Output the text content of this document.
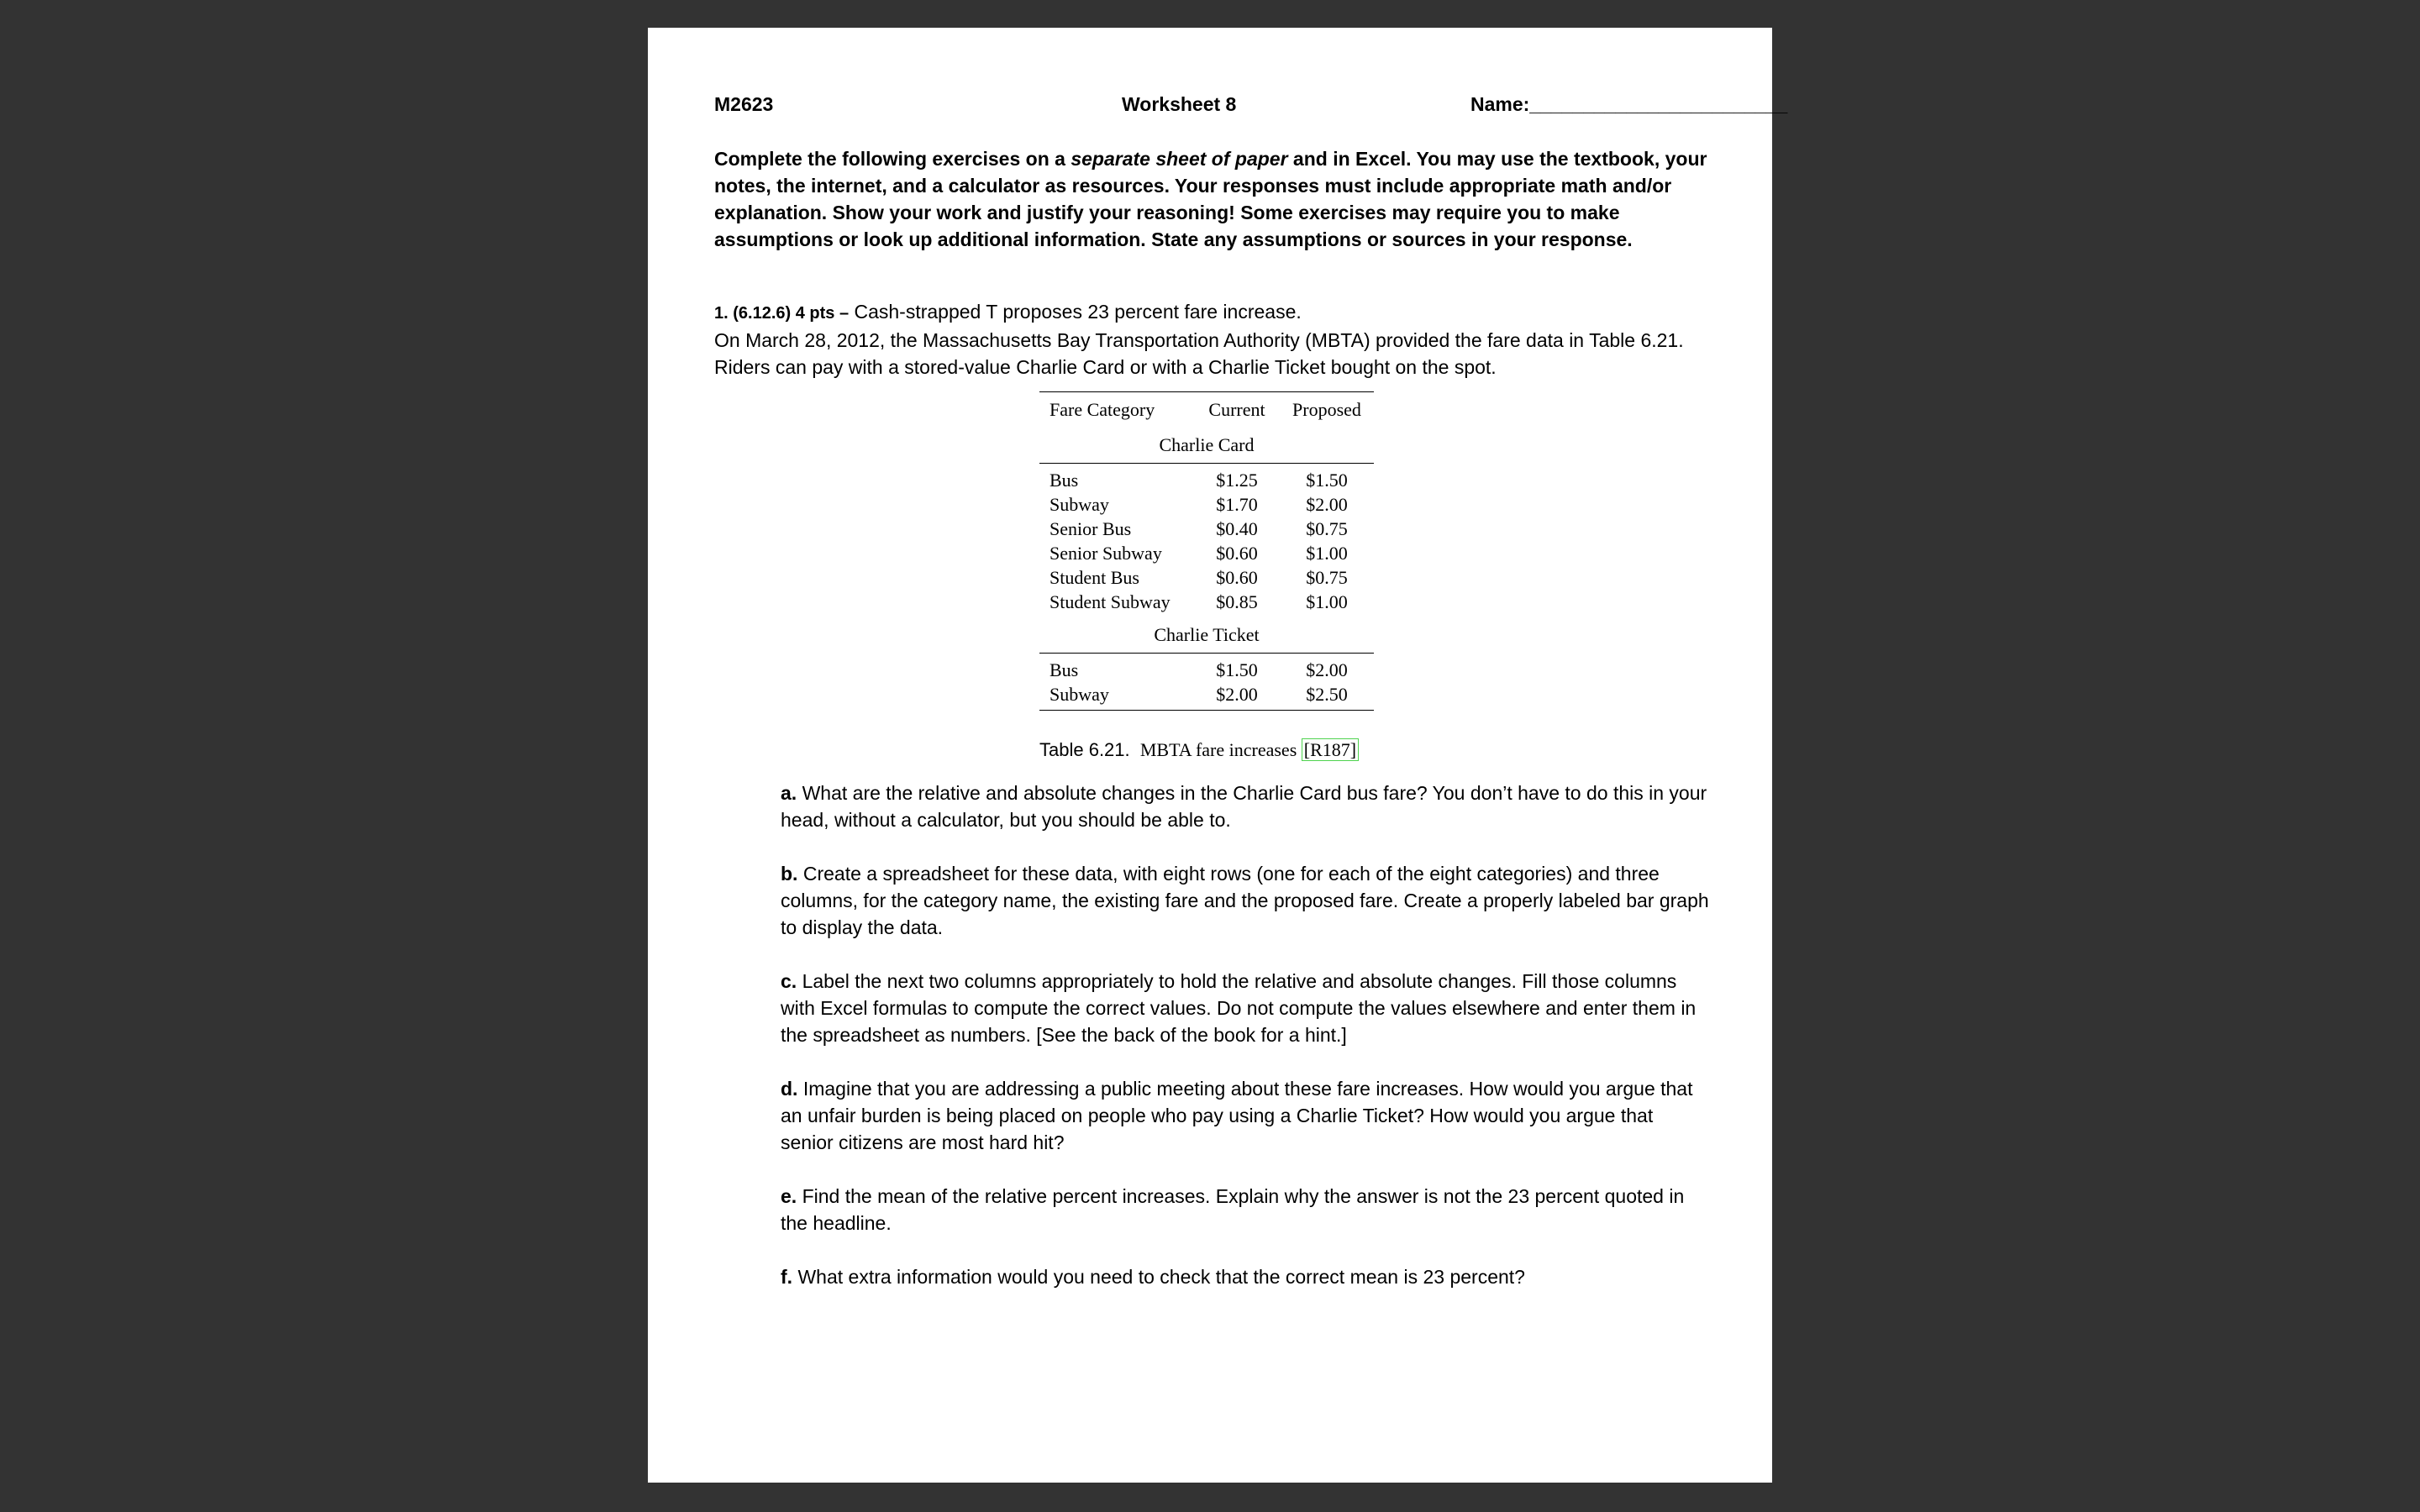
M2623	Worksheet 8	Name:________________________
Complete the following exercises on a separate sheet of paper and in Excel. You may use the textbook, your notes, the internet, and a calculator as resources. Your responses must include appropriate math and/or explanation. Show your work and justify your reasoning! Some exercises may require you to make assumptions or look up additional information. State any assumptions or sources in your response.
1. (6.12.6) 4 pts – Cash-strapped T proposes 23 percent fare increase.
On March 28, 2012, the Massachusetts Bay Transportation Authority (MBTA) provided the fare data in Table 6.21. Riders can pay with a stored-value Charlie Card or with a Charlie Ticket bought on the spot.
Fare Category	Current	Proposed
Charlie Card
Bus	$1.25	$1.50
Subway	$1.70	$2.00
Senior Bus	$0.40	$0.75
Senior Subway	$0.60	$1.00
Student Bus	$0.60	$0.75
Student Subway	$0.85	$1.00
Charlie Ticket
Bus	$1.50	$2.00
Subway	$2.00	$2.50
Table 6.21. MBTA fare increases [R187]

a. What are the relative and absolute changes in the Charlie Card bus fare? You don’t have to do this in your head, without a calculator, but you should be able to.

b. Create a spreadsheet for these data, with eight rows (one for each of the eight categories) and three columns, for the category name, the existing fare and the proposed fare. Create a properly labeled bar graph to display the data.

c. Label the next two columns appropriately to hold the relative and absolute changes. Fill those columns with Excel formulas to compute the correct values. Do not compute the values elsewhere and enter them in the spreadsheet as numbers. [See the back of the book for a hint.]

d. Imagine that you are addressing a public meeting about these fare increases. How would you argue that an unfair burden is being placed on people who pay using a Charlie Ticket? How would you argue that senior citizens are most hard hit?

e. Find the mean of the relative percent increases. Explain why the answer is not the 23 percent quoted in the headline.

f. What extra information would you need to check that the correct mean is 23 percent?
